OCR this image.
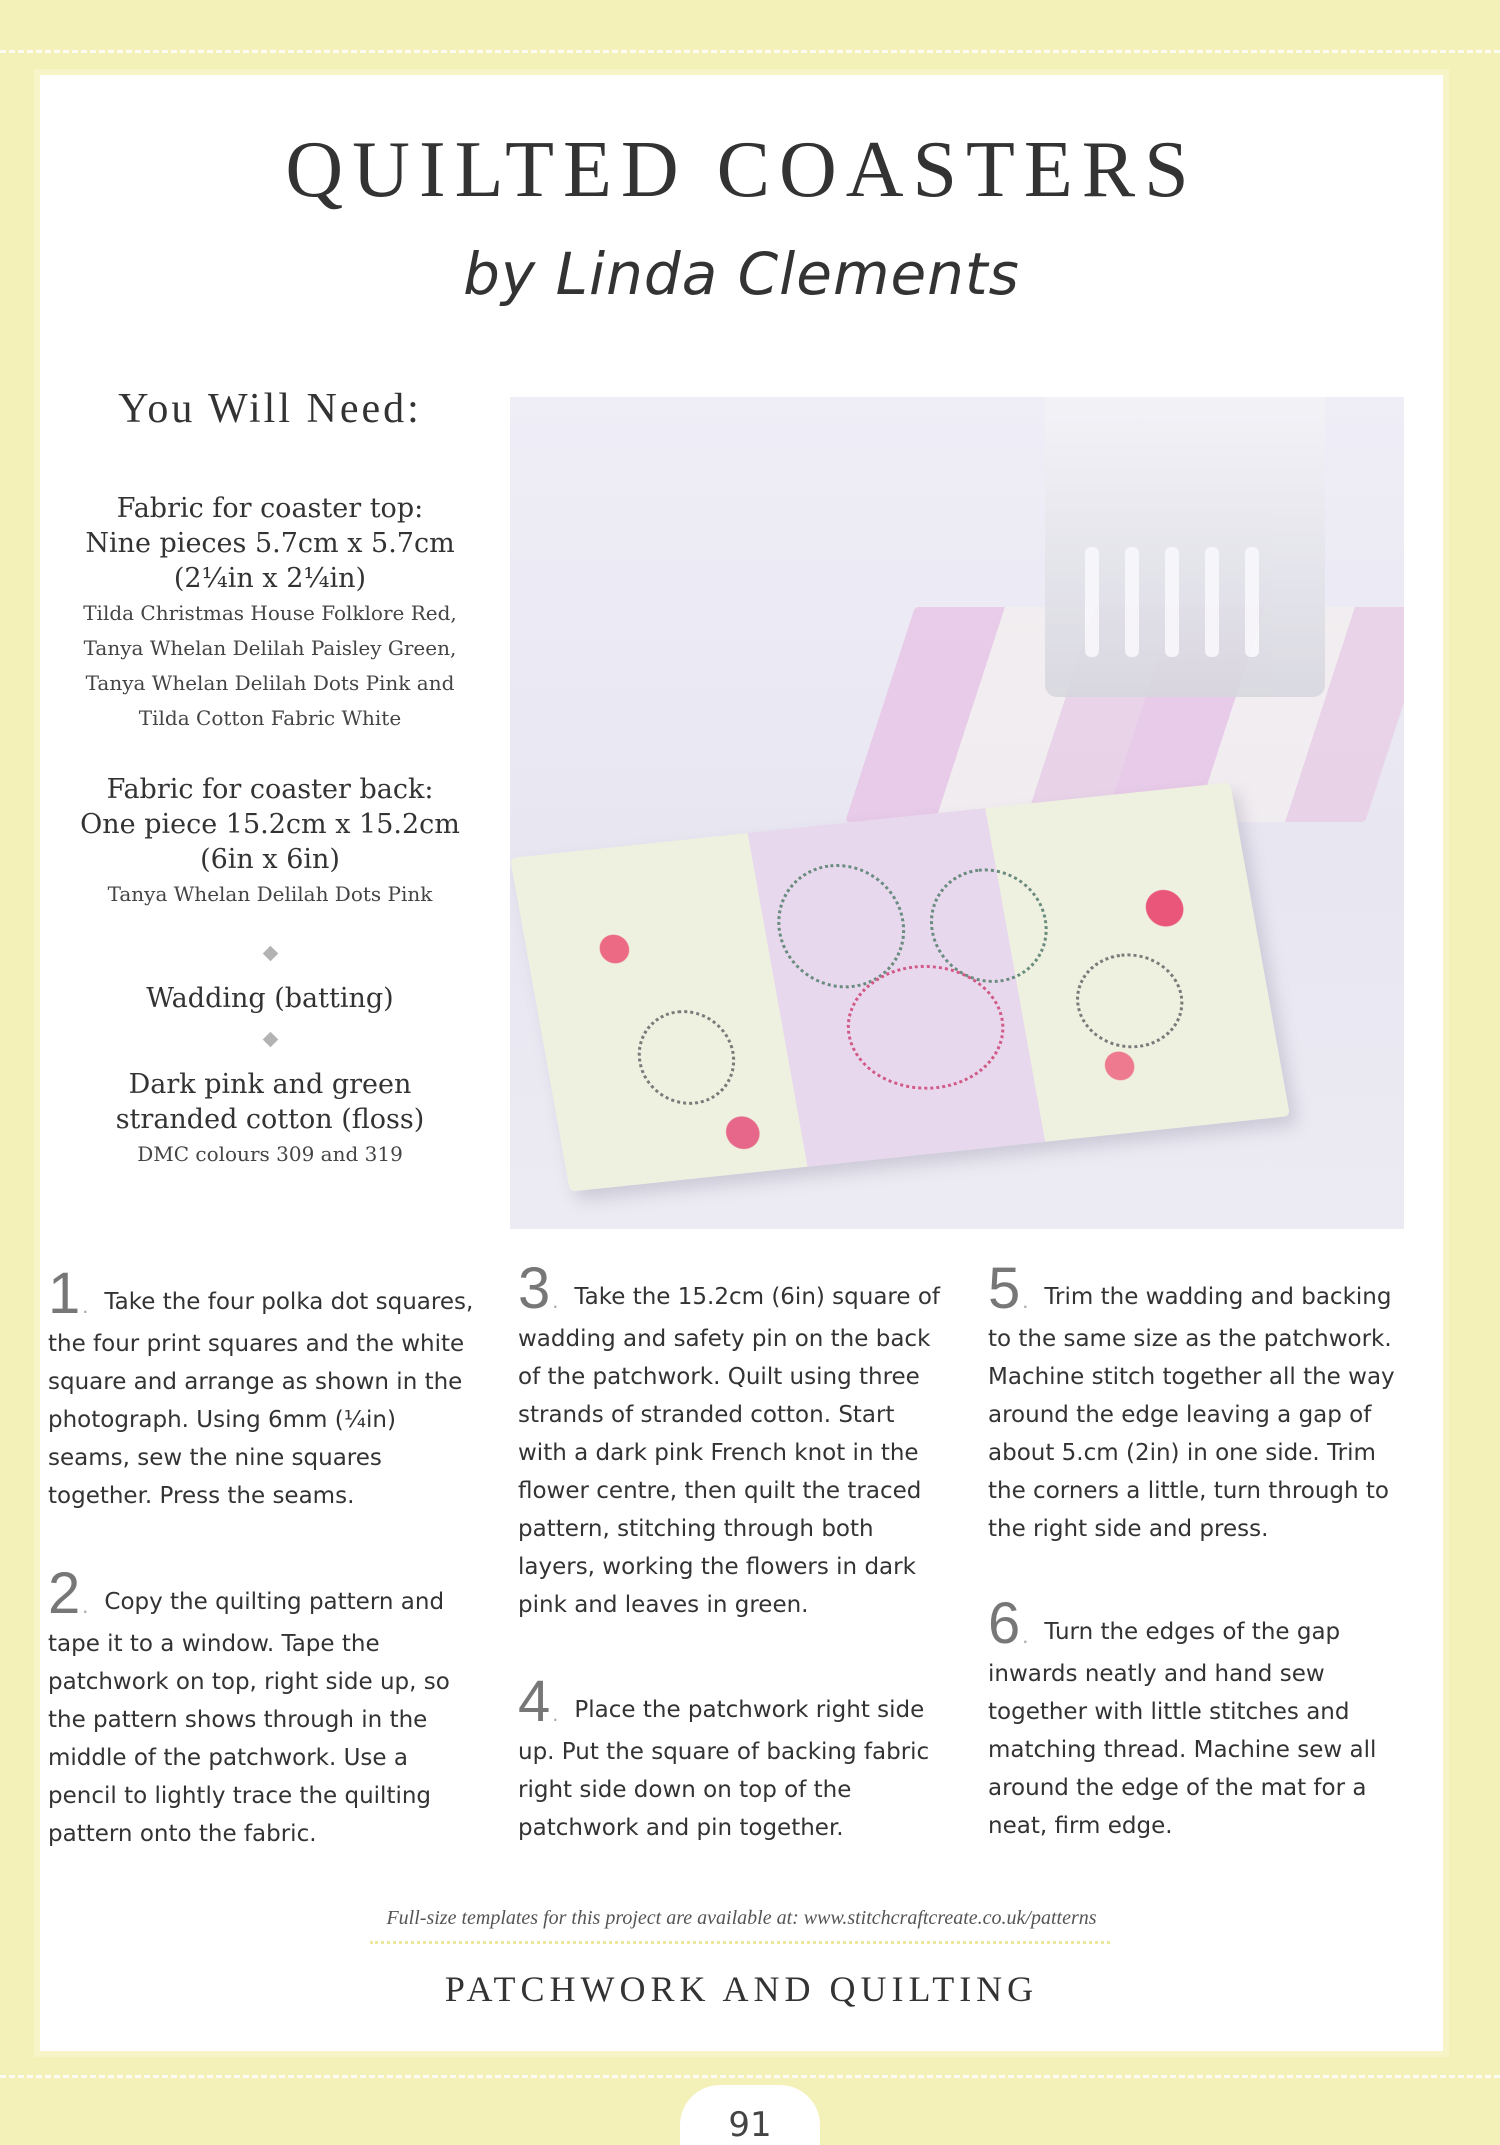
QUILTED COASTERS
by Linda Clements
You Will Need:
Fabric for coaster top:
Nine pieces 5.7cm x 5.7cm
(2¼in x 2¼in)
Tilda Christmas House Folklore Red,
Tanya Whelan Delilah Paisley Green,
Tanya Whelan Delilah Dots Pink and
Tilda Cotton Fabric White
Fabric for coaster back:
One piece 15.2cm x 15.2cm
(6in x 6in)
Tanya Whelan Delilah Dots Pink
Wadding (batting)
Dark pink and green
stranded cotton (floss)
DMC colours 309 and 319
1. Take the four polka dot squares, the four print squares and the white square and arrange as shown in the photograph. Using 6mm (¼in) seams, sew the nine squares together. Press the seams.
2. Copy the quilting pattern and tape it to a window. Tape the patchwork on top, right side up, so the pattern shows through in the middle of the patchwork. Use a pencil to lightly trace the quilting pattern onto the fabric.
3. Take the 15.2cm (6in) square of wadding and safety pin on the back of the patchwork. Quilt using three strands of stranded cotton. Start with a dark pink French knot in the flower centre, then quilt the traced pattern, stitching through both layers, working the flowers in dark pink and leaves in green.
4. Place the patchwork right side up. Put the square of backing fabric right side down on top of the patchwork and pin together.
5. Trim the wadding and backing to the same size as the patchwork. Machine stitch together all the way around the edge leaving a gap of about 5.cm (2in) in one side. Trim the corners a little, turn through to the right side and press.
6. Turn the edges of the gap inwards neatly and hand sew together with little stitches and matching thread. Machine sew all around the edge of the mat for a neat, firm edge.
Full-size templates for this project are available at: www.stitchcraftcreate.co.uk/patterns
PATCHWORK AND QUILTING
91
